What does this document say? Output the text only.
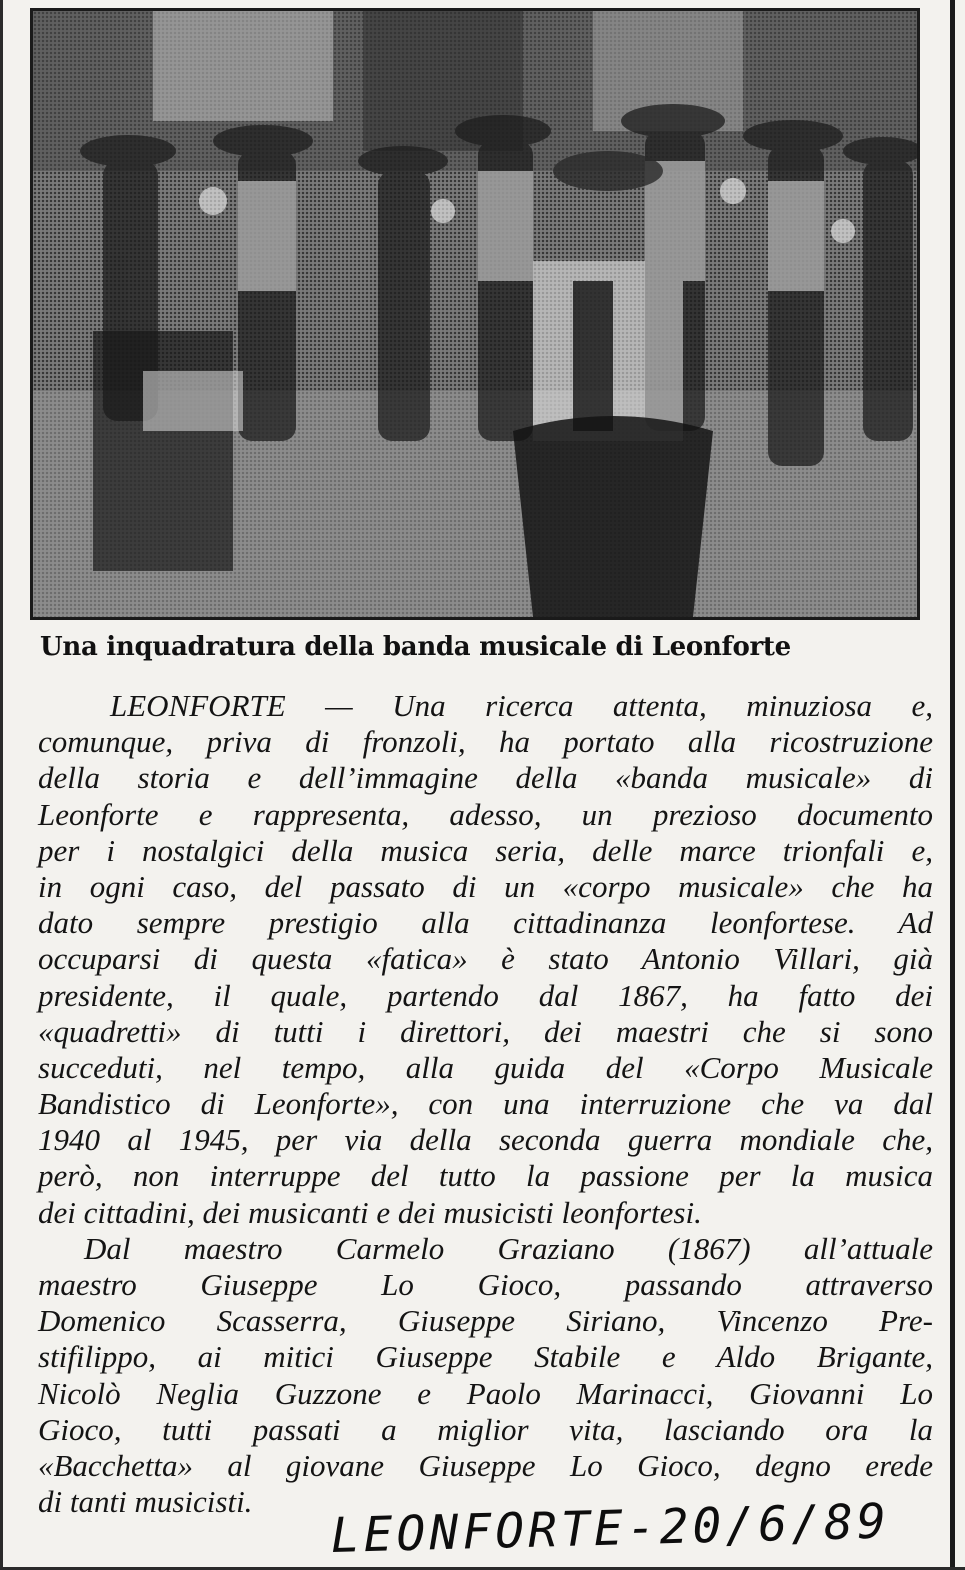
Una inquadratura della banda musicale di Leonforte
LEONFORTE — Una ricerca attenta, minuziosa e,
comunque, priva di fronzoli, ha portato alla ricostruzione
della storia e dell’immagine della «banda musicale» di
Leonforte e rappresenta, adesso, un prezioso documento
per i nostalgici della musica seria, delle marce trionfali e,
in ogni caso, del passato di un «corpo musicale» che ha
dato sempre prestigio alla cittadinanza leonfortese. Ad
occuparsi di questa «fatica» è stato Antonio Villari, già
presidente, il quale, partendo dal 1867, ha fatto dei
«quadretti» di tutti i direttori, dei maestri che si sono
succeduti, nel tempo, alla guida del «Corpo Musicale
Bandistico di Leonforte», con una interruzione che va dal
1940 al 1945, per via della seconda guerra mondiale che,
però, non interruppe del tutto la passione per la musica
dei cittadini, dei musicanti e dei musicisti leonfortesi.
Dal maestro Carmelo Graziano (1867) all’attuale
maestro Giuseppe Lo Gioco, passando attraverso
Domenico Scasserra, Giuseppe Siriano, Vincenzo Pre-
stifilippo, ai mitici Giuseppe Stabile e Aldo Brigante,
Nicolò Neglia Guzzone e Paolo Marinacci, Giovanni Lo
Gioco, tutti passati a miglior vita, lasciando ora la
«Bacchetta» al giovane Giuseppe Lo Gioco, degno erede
di tanti musicisti.	LEONFORTE-20/6/89
